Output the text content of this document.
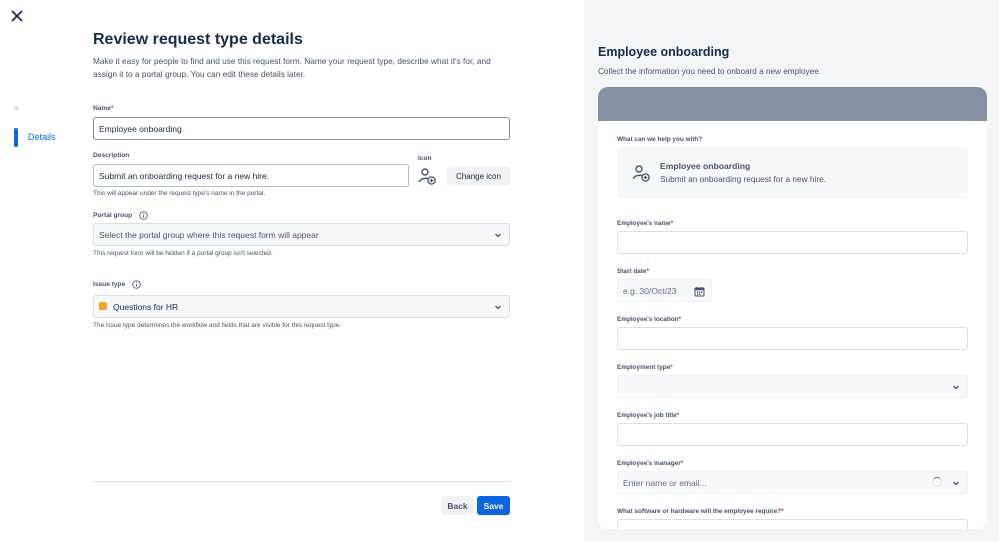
Details
Review request type details
Make it easy for people to find and use this request form. Name your request type, describe what it's for, and assign it to a portal group. You can edit these details later.
Name*
Employee onboarding
Description
Submit an onboarding request for a new hire.
This will appear under the request type's name in the portal.
Icon
Change icon
Portal group
Select the portal group where this request form will appear
This request form will be hidden if a portal group isn't selected.
Issue type
Questions for HR
The issue type determines the workflow and fields that are visible for this request type.
Back	Save
Employee onboarding
Collect the information you need to onboard a new employee.
What can we help you with?
Employee onboarding
Submit an onboarding request for a new hire.
Employee's name*
Start date*
e.g. 30/Oct/23
Employee's location*
Employment type*
Employee's job title*
Employee's manager*
Enter name or email...
What software or hardware will the employee require?*
